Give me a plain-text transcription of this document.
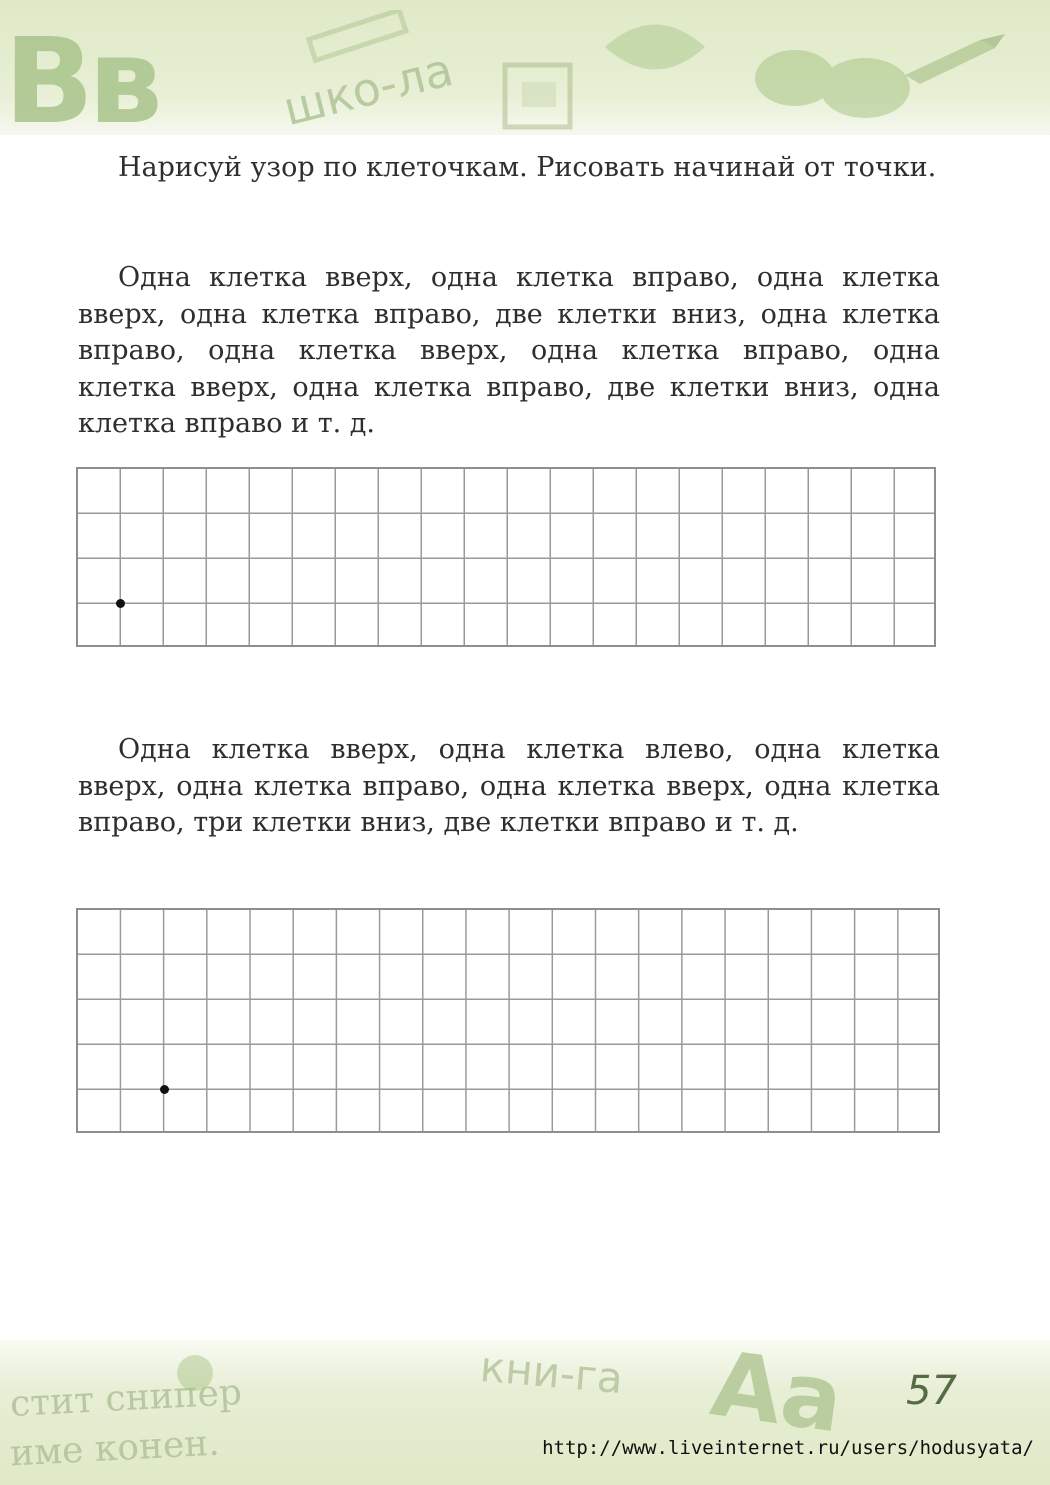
Вв	шко-ла
Нарисуй узор по клеточкам. Рисовать начинай от точки.
Одна клетка вверх, одна клетка вправо, одна клетка вверх, одна клетка вправо, две клетки вниз, одна клетка вправо, одна клетка вверх, одна клетка вправо, одна клетка вверх, одна клетка вправо, две клетки вниз, одна клетка вправо и т. д.
Одна клетка вверх, одна клетка влево, одна клетка вверх, одна клетка вправо, одна клетка вверх, одна клетка вправо, три клетки вниз, две клетки вправо и т. д.
стит снипер
име конен.
кни-га Аа 57
http://www.liveinternet.ru/users/hodusyata/
